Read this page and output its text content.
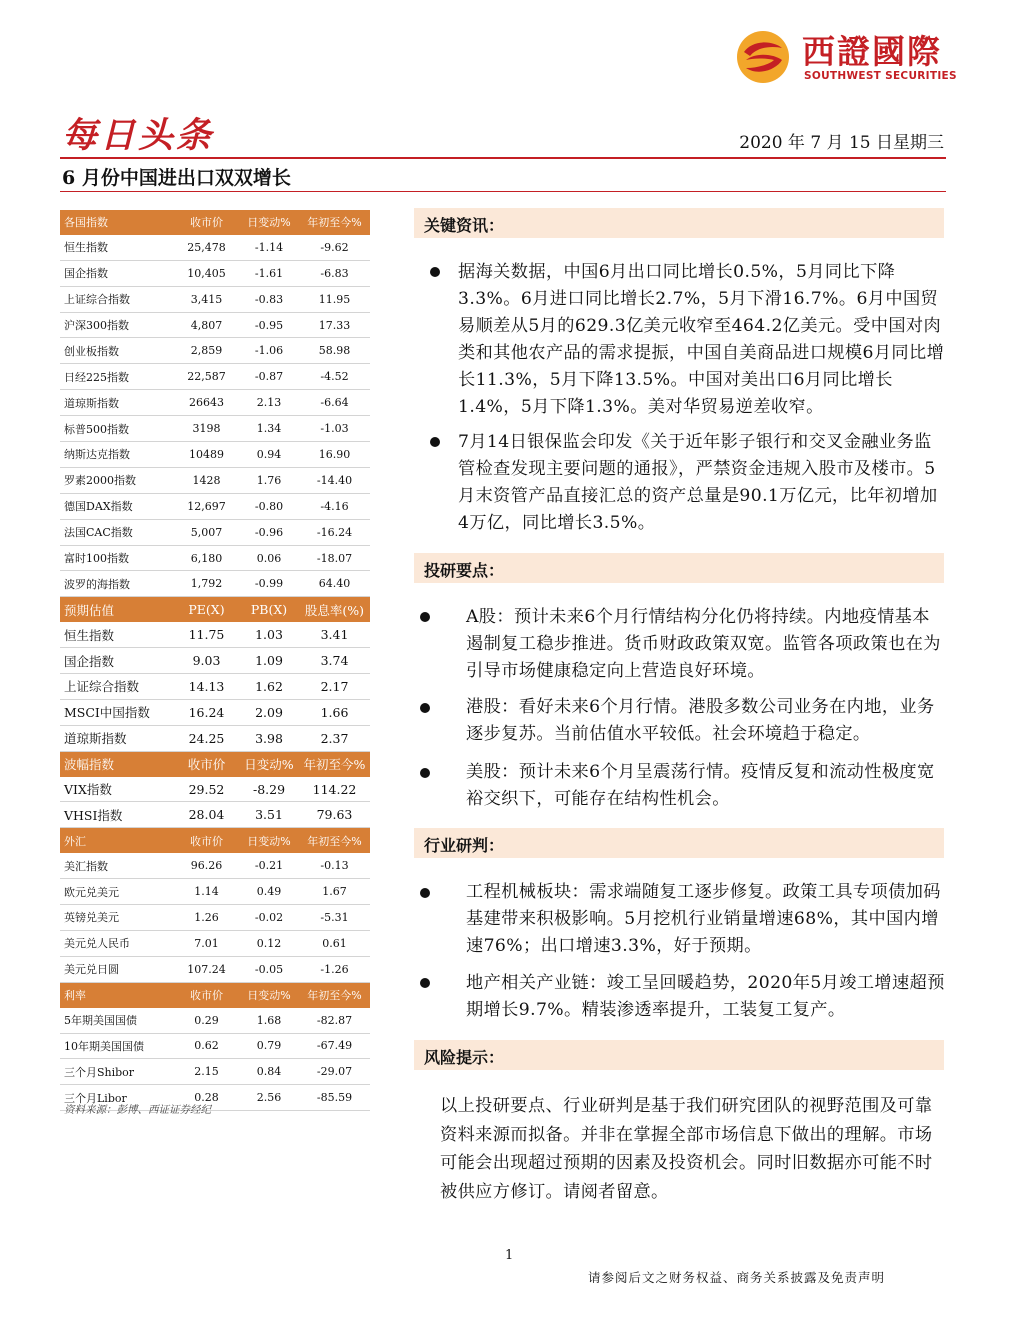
西證國際
SOUTHWEST SECURITIES
每日头条	2020 年 7 月 15 日星期三
6 月份中国进出口双双增长
各国指数	收市价	日变动%	年初至今%
恒生指数	25,478	-1.14	-9.62
国企指数	10,405	-1.61	-6.83
上证综合指数	3,415	-0.83	11.95
沪深300指数	4,807	-0.95	17.33
创业板指数	2,859	-1.06	58.98
日经225指数	22,587	-0.87	-4.52
道琼斯指数	26643	2.13	-6.64
标普500指数	3198	1.34	-1.03
纳斯达克指数	10489	0.94	16.90
罗素2000指数	1428	1.76	-14.40
德国DAX指数	12,697	-0.80	-4.16
法国CAC指数	5,007	-0.96	-16.24
富时100指数	6,180	0.06	-18.07
波罗的海指数	1,792	-0.99	64.40
预期估值	PE(X)	PB(X)	股息率(%)
恒生指数	11.75	1.03	3.41
国企指数	9.03	1.09	3.74
上证综合指数	14.13	1.62	2.17
MSCI中国指数	16.24	2.09	1.66
道琼斯指数	24.25	3.98	2.37
波幅指数	收市价	日变动%	年初至今%
VIX指数	29.52	-8.29	114.22
VHSI指数	28.04	3.51	79.63
外汇	收市价	日变动%	年初至今%
美汇指数	96.26	-0.21	-0.13
欧元兑美元	1.14	0.49	1.67
英镑兑美元	1.26	-0.02	-5.31
美元兑人民币	7.01	0.12	0.61
美元兑日圆	107.24	-0.05	-1.26
利率	收市价	日变动%	年初至今%
5年期美国国债	0.29	1.68	-82.87
10年期美国国债	0.62	0.79	-67.49
三个月Shibor	2.15	0.84	-29.07
三个月Libor	0.28	2.56	-85.59
资料来源：彭博、西证证券经纪
关键资讯：
据海关数据，中国6月出口同比增长0.5%，5月同比下降3.3%。6月进口同比增长2.7%，5月下滑16.7%。6月中国贸易顺差从5月的629.3亿美元收窄至464.2亿美元。受中国对肉类和其他农产品的需求提振，中国自美商品进口规模6月同比增长11.3%，5月下降13.5%。中国对美出口6月同比增长1.4%，5月下降1.3%。美对华贸易逆差收窄。
7月14日银保监会印发《关于近年影子银行和交叉金融业务监管检查发现主要问题的通报》，严禁资金违规入股市及楼市。5月末资管产品直接汇总的资产总量是90.1万亿元，比年初增加4万亿，同比增长3.5%。
投研要点：
A股：预计未来6个月行情结构分化仍将持续。内地疫情基本遏制复工稳步推进。货币财政政策双宽。监管各项政策也在为引导市场健康稳定向上营造良好环境。
港股：看好未来6个月行情。港股多数公司业务在内地，业务逐步复苏。当前估值水平较低。社会环境趋于稳定。
美股：预计未来6个月呈震荡行情。疫情反复和流动性极度宽裕交织下，可能存在结构性机会。
行业研判：
工程机械板块：需求端随复工逐步修复。政策工具专项债加码基建带来积极影响。5月挖机行业销量增速68%，其中国内增速76%；出口增速3.3%，好于预期。
地产相关产业链：竣工呈回暖趋势，2020年5月竣工增速超预期增长9.7%。精装渗透率提升，工装复工复产。
风险提示：
以上投研要点、行业研判是基于我们研究团队的视野范围及可靠资料来源而拟备。并非在掌握全部市场信息下做出的理解。市场可能会出现超过预期的因素及投资机会。同时旧数据亦可能不时被供应方修订。请阅者留意。
1
请参阅后文之财务权益、商务关系披露及免责声明
